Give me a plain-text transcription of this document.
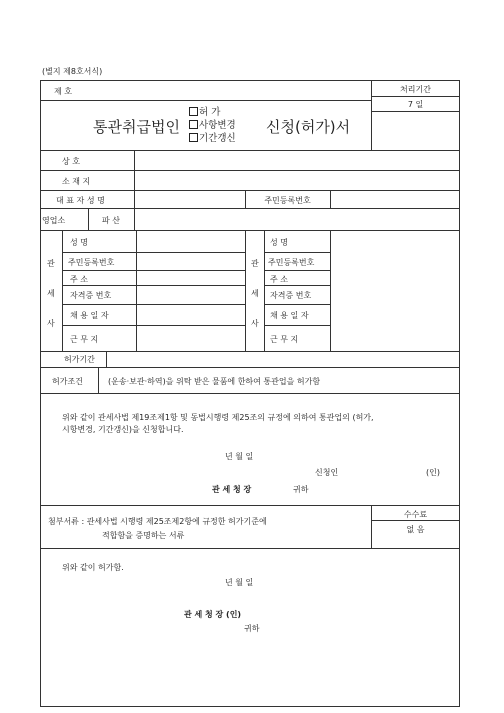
(별지 제8호서식)
제 호	처리기간
7 일
통관취급법인
허 가
사항변경
기간갱신
신청(허가)서
상 호
소 재 지
대 표 자 성 명	주민등록번호
영업소	파 산
관
세
사
성 명
주민등록번호
주 소
자격증 번호
채 용 일 자
근 무 지
관
세
사
성 명
주민등록번호
주 소
자격증 번호
채 용 일 자
근 무 지
허가기간
허가조건	(운송·보관·하역)을 위탁 받은 물품에 한하여 통관업을 허가함
위와 같이 관세사법 제19조제1항 및 동법시행령 제25조의 규정에 의하여 통관업의 (허가,
시항변경, 기간갱신)을 신청합니다.
년 월 일
신청인	(인)
관 세 청 장	귀하
첨부서류 : 관세사법 시행령 제25조제2항에 규정한 허가기준에
적합함을 증명하는 서류
수수료
없 음
위와 같이 허가함.
년 월 일
관 세 청 장 (인)
귀하
